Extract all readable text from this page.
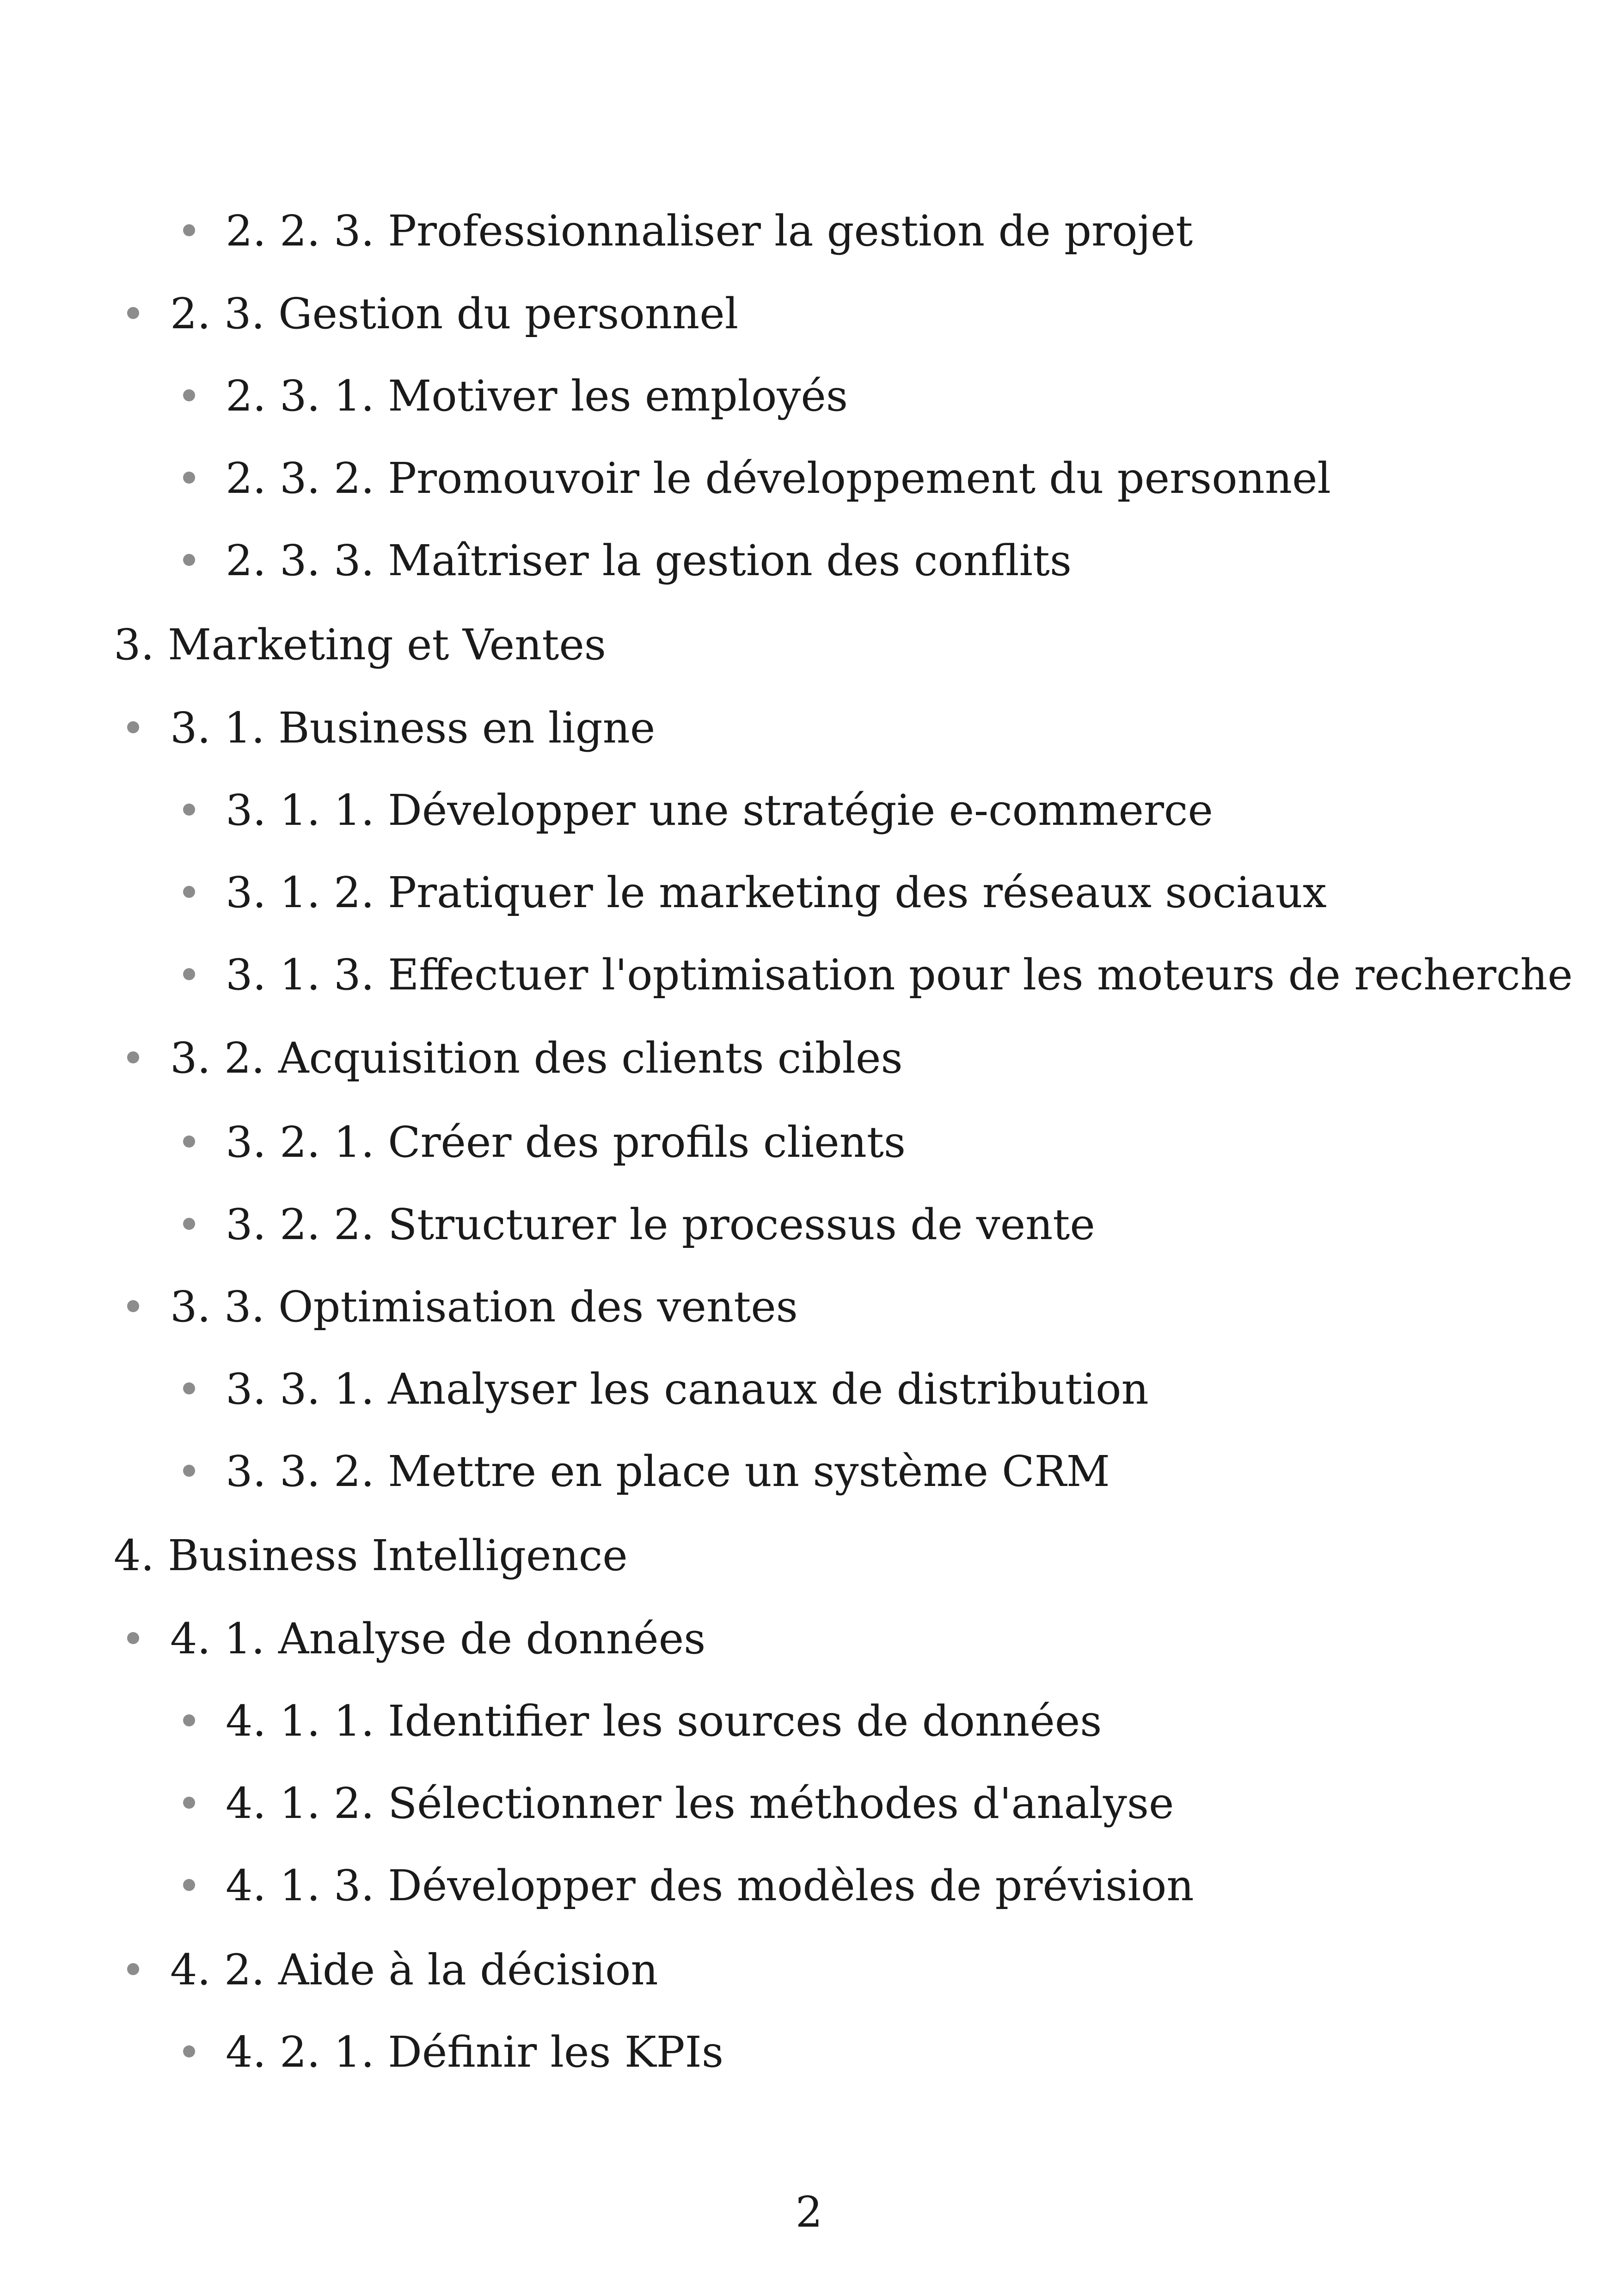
2. 2. 3. Professionnaliser la gestion de projet
2. 3. Gestion du personnel
2. 3. 1. Motiver les employés
2. 3. 2. Promouvoir le développement du personnel
2. 3. 3. Maîtriser la gestion des conflits
3. Marketing et Ventes
3. 1. Business en ligne
3. 1. 1. Développer une stratégie e-commerce
3. 1. 2. Pratiquer le marketing des réseaux sociaux
3. 1. 3. Effectuer l'optimisation pour les moteurs de recherche
3. 2. Acquisition des clients cibles
3. 2. 1. Créer des profils clients
3. 2. 2. Structurer le processus de vente
3. 3. Optimisation des ventes
3. 3. 1. Analyser les canaux de distribution
3. 3. 2. Mettre en place un système CRM
4. Business Intelligence
4. 1. Analyse de données
4. 1. 1. Identifier les sources de données
4. 1. 2. Sélectionner les méthodes d'analyse
4. 1. 3. Développer des modèles de prévision
4. 2. Aide à la décision
4. 2. 1. Définir les KPIs
2
